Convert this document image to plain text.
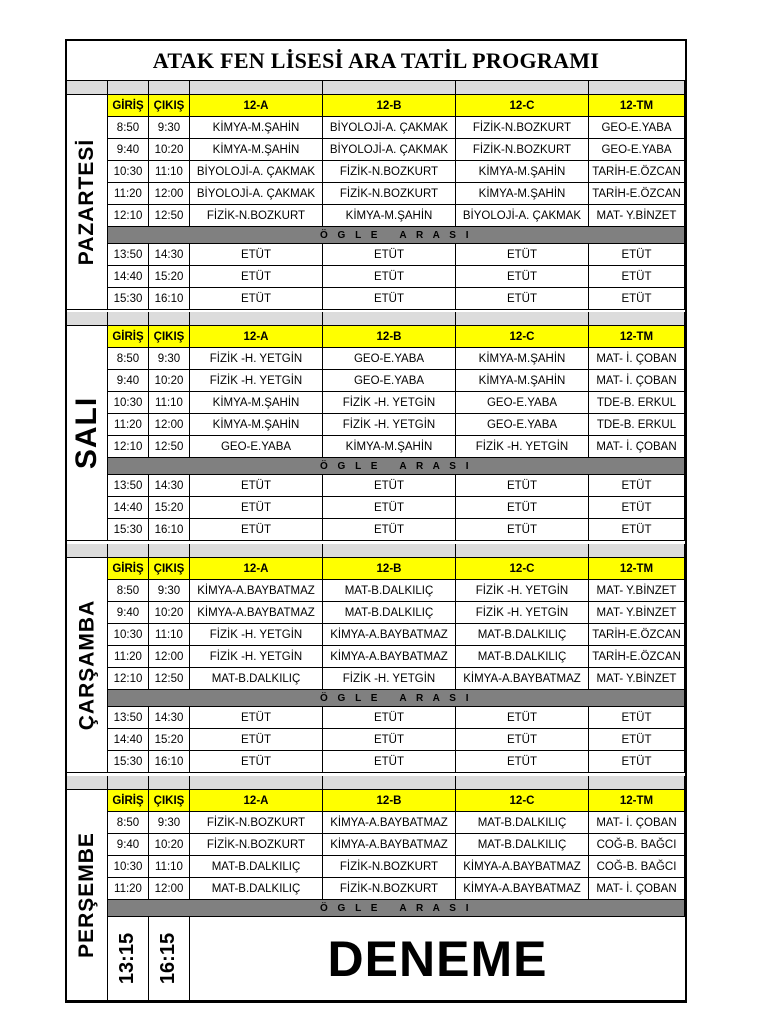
ATAK FEN LİSESİ ARA TATİL PROGRAMI
GİRİŞ ÇIKIŞ	12-A	12-B	12-C	12-TM
8:50	9:30	KİMYA-M.ŞAHİN	BİYOLOJİ-A. ÇAKMAK	FİZİK-N.BOZKURT	GEO-E.YABA
9:40	10:20	KİMYA-M.ŞAHİN	BİYOLOJİ-A. ÇAKMAK	FİZİK-N.BOZKURT	GEO-E.YABA
10:30	11:10	BİYOLOJİ-A. ÇAKMAK	FİZİK-N.BOZKURT	KİMYA-M.ŞAHİN	TARİH-E.ÖZCAN
11:20	12:00	BİYOLOJİ-A. ÇAKMAK	FİZİK-N.BOZKURT	KİMYA-M.ŞAHİN	TARİH-E.ÖZCAN
12:10	12:50	FİZİK-N.BOZKURT	KİMYA-M.ŞAHİN	BİYOLOJİ-A. ÇAKMAK	MAT- Y.BİNZET
Ö G L E   A R A S I
13:50	14:30	ETÜT	ETÜT	ETÜT	ETÜT
14:40	15:20	ETÜT	ETÜT	ETÜT	ETÜT
15:30	16:10	ETÜT	ETÜT	ETÜT	ETÜT
PAZARTESİ
GİRİŞ ÇIKIŞ	12-A	12-B	12-C	12-TM
8:50	9:30	FİZİK -H. YETGİN	GEO-E.YABA	KİMYA-M.ŞAHİN	MAT- İ. ÇOBAN
9:40	10:20	FİZİK -H. YETGİN	GEO-E.YABA	KİMYA-M.ŞAHİN	MAT- İ. ÇOBAN
10:30	11:10	KİMYA-M.ŞAHİN	FİZİK -H. YETGİN	GEO-E.YABA	TDE-B. ERKUL
11:20	12:00	KİMYA-M.ŞAHİN	FİZİK -H. YETGİN	GEO-E.YABA	TDE-B. ERKUL
12:10	12:50	GEO-E.YABA	KİMYA-M.ŞAHİN	FİZİK -H. YETGİN	MAT- İ. ÇOBAN
Ö G L E   A R A S I
13:50	14:30	ETÜT	ETÜT	ETÜT	ETÜT
14:40	15:20	ETÜT	ETÜT	ETÜT	ETÜT
15:30	16:10	ETÜT	ETÜT	ETÜT	ETÜT
SALI
GİRİŞ ÇIKIŞ	12-A	12-B	12-C	12-TM
8:50	9:30	KİMYA-A.BAYBATMAZ	MAT-B.DALKILIÇ	FİZİK -H. YETGİN	MAT- Y.BİNZET
9:40	10:20	KİMYA-A.BAYBATMAZ	MAT-B.DALKILIÇ	FİZİK -H. YETGİN	MAT- Y.BİNZET
10:30	11:10	FİZİK -H. YETGİN	KİMYA-A.BAYBATMAZ	MAT-B.DALKILIÇ	TARİH-E.ÖZCAN
11:20	12:00	FİZİK -H. YETGİN	KİMYA-A.BAYBATMAZ	MAT-B.DALKILIÇ	TARİH-E.ÖZCAN
12:10	12:50	MAT-B.DALKILIÇ	FİZİK -H. YETGİN	KİMYA-A.BAYBATMAZ	MAT- Y.BİNZET
Ö G L E   A R A S I
13:50	14:30	ETÜT	ETÜT	ETÜT	ETÜT
14:40	15:20	ETÜT	ETÜT	ETÜT	ETÜT
15:30	16:10	ETÜT	ETÜT	ETÜT	ETÜT
ÇARŞAMBA
GİRİŞ ÇIKIŞ	12-A	12-B	12-C	12-TM
8:50	9:30	FİZİK-N.BOZKURT	KİMYA-A.BAYBATMAZ	MAT-B.DALKILIÇ	MAT- İ. ÇOBAN
9:40	10:20	FİZİK-N.BOZKURT	KİMYA-A.BAYBATMAZ	MAT-B.DALKILIÇ	COĞ-B. BAĞCI
10:30	11:10	MAT-B.DALKILIÇ	FİZİK-N.BOZKURT	KİMYA-A.BAYBATMAZ	COĞ-B. BAĞCI
11:20	12:00	MAT-B.DALKILIÇ	FİZİK-N.BOZKURT	KİMYA-A.BAYBATMAZ	MAT- İ. ÇOBAN
Ö G L E   A R A S I
13:15 16:15	DENEME
PERŞEMBE
